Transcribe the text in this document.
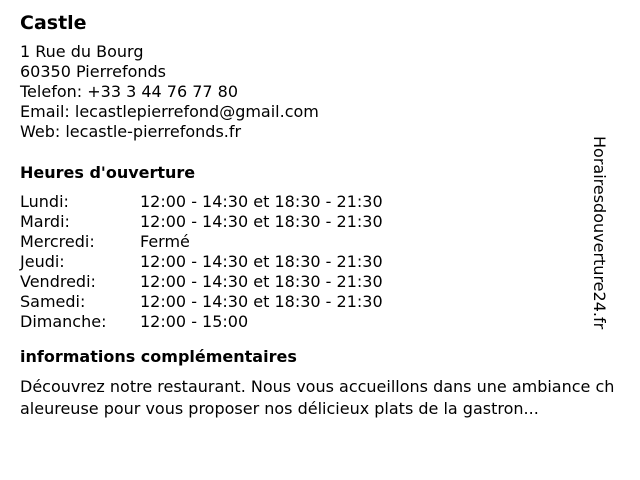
Castle
1 Rue du Bourg
60350 Pierrefonds
Telefon: +33 3 44 76 77 80
Email: lecastlepierrefond@gmail.com
Web: lecastle-pierrefonds.fr
Heures d'ouverture
Lundi:	12:00 - 14:30 et 18:30 - 21:30
Mardi:	12:00 - 14:30 et 18:30 - 21:30
Mercredi:	Fermé
Jeudi:	12:00 - 14:30 et 18:30 - 21:30
Vendredi:	12:00 - 14:30 et 18:30 - 21:30
Samedi:	12:00 - 14:30 et 18:30 - 21:30
Dimanche:	12:00 - 15:00
informations complémentaires
Découvrez notre restaurant. Nous vous accueillons dans une ambiance chaleureuse pour vous proposer nos délicieux plats de la gastron...
Horairesdouverture24.fr
